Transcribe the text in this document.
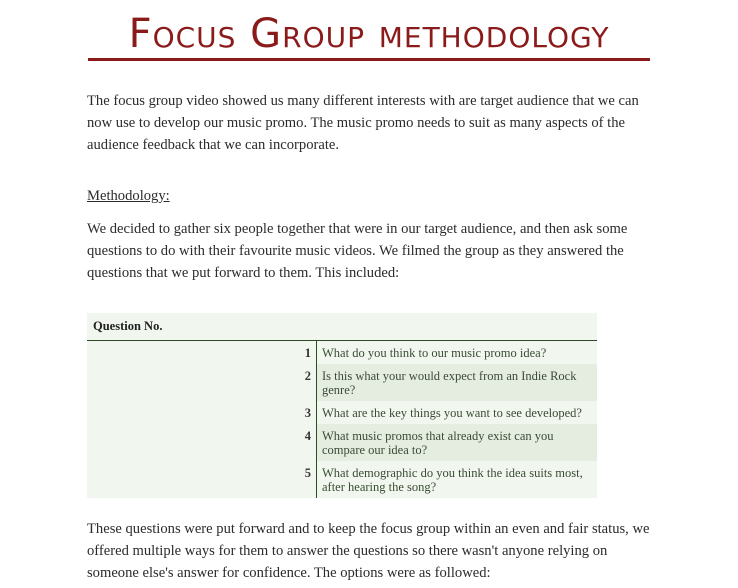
Focus Group methodology

The focus group video showed us many different interests with are target audience that we can now use to develop our music promo. The music promo needs to suit as many aspects of the audience feedback that we can incorporate.

Methodology:

We decided to gather six people together that were in our target audience, and then ask some questions to do with their favourite music videos. We filmed the group as they answered the questions that we put forward to them. This included:

Question No.	
1	What do you think to our music promo idea?
2	Is this what your would expect from an Indie Rock genre?
3	What are the key things you want to see developed?
4	What music promos that already exist can you compare our idea to?
5	What demographic do you think the idea suits most, after hearing the song?

These questions were put forward and to keep the focus group within an even and fair status, we offered multiple ways for them to answer the questions so there wasn't anyone relying on someone else's answer for confidence. The options were as followed:
